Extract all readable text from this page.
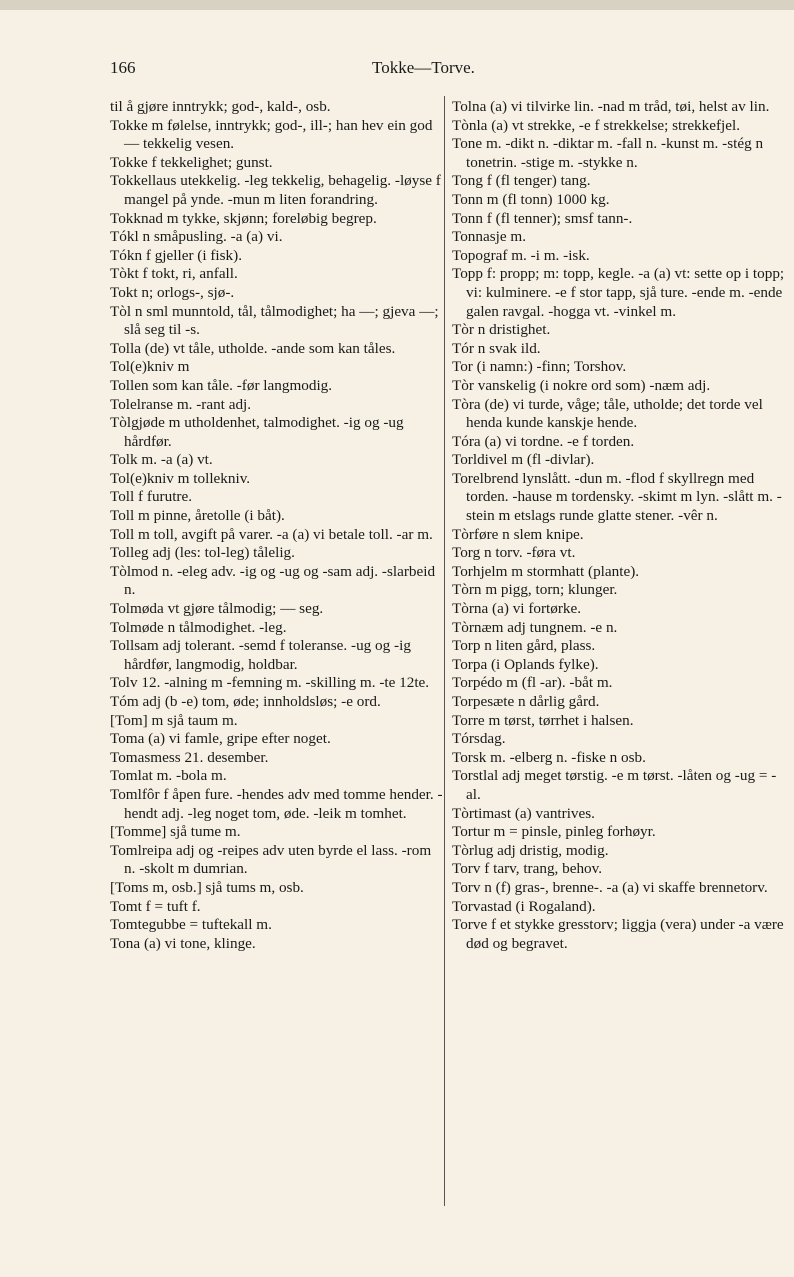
166	Tokke—Torve.

til å gjøre inntrykk; god-, kald-, osb.

Tokke m følelse, inntrykk; god-, ill-; han hev ein god — tekkelig vesen.

Tokke f tekkelighet; gunst.

Tokkellaus utekkelig. -leg tekkelig, behagelig. -løyse f mangel på ynde. -mun m liten forandring.

Tokknad m tykke, skjønn; foreløbig begrep.

Tókl n småpusling. -a (a) vi.

Tókn f gjeller (i fisk).

Tòkt f tokt, ri, anfall.

Tokt n; orlogs-, sjø-.

Tòl n sml munntold, tål, tålmodighet; ha —; gjeva —; slå seg til -s.

Tolla (de) vt tåle, utholde. -ande som kan tåles.

Tol(e)kniv m

Tollen som kan tåle. -før langmodig.

Tolelranse m. -rant adj.

Tòlgjøde m utholdenhet, talmodighet. -ig og -ug hårdfør.

Tolk m. -a (a) vt.

Tol(e)kniv m tollekniv.

Toll f furutre.

Toll m pinne, åretolle (i båt).

Toll m toll, avgift på varer. -a (a) vi betale toll. -ar m.

Tolleg adj (les: tol-leg) tålelig.

Tòlmod n. -eleg adv. -ig og -ug og -sam adj. -slarbeid n.

Tolmøda vt gjøre tålmodig; — seg.

Tolmøde n tålmodighet. -leg.

Tollsam adj tolerant. -semd f toleranse. -ug og -ig hårdfør, langmodig, holdbar.

Tolv 12. -alning m -femning m. -skilling m. -te 12te.

Tóm adj (b -e) tom, øde; innholdsløs; -e ord.

[Tom] m sjå taum m.

Toma (a) vi famle, gripe efter noget.

Tomasmess 21. desember.

Tomlat m. -bola m.

Tomlfôr f åpen fure. -hendes adv med tomme hender. -hendt adj. -leg noget tom, øde. -leik m tomhet.

[Tomme] sjå tume m.

Tomlreipa adj og -reipes adv uten byrde el lass. -rom n. -skolt m dumrian.

[Toms m, osb.] sjå tums m, osb.

Tomt f = tuft f.

Tomtegubbe = tuftekall m.

Tona (a) vi tone, klinge.

Tolna (a) vi tilvirke lin. -nad m tråd, tøi, helst av lin.

Tònla (a) vt strekke, -e f strekkelse; strekkefjel.

Tone m. -dikt n. -diktar m. -fall n. -kunst m. -stég n tonetrin. -stige m. -stykke n.

Tong f (fl tenger) tang.

Tonn m (fl tonn) 1000 kg.

Tonn f (fl tenner); smsf tann-.

Tonnasje m.

Topograf m. -i m. -isk.

Topp f: propp; m: topp, kegle. -a (a) vt: sette op i topp; vi: kulminere. -e f stor tapp, sjå ture. -ende m. -ende galen ravgal. -hogga vt. -vinkel m.

Tòr n dristighet.

Tór n svak ild.

Tor (i namn:) -finn; Torshov.

Tòr vanskelig (i nokre ord som) -næm adj.

Tòra (de) vi turde, våge; tåle, utholde; det torde vel henda kunde kanskje hende.

Tóra (a) vi tordne. -e f torden.

Torldivel m (fl -divlar).

Torelbrend lynslått. -dun m. -flod f skyllregn med torden. -hause m tordensky. -skimt m lyn. -slått m. -stein m etslags runde glatte stener. -vêr n.

Tòrføre n slem knipe.

Torg n torv. -føra vt.

Torhjelm m stormhatt (plante).

Tòrn m pigg, torn; klunger.

Tòrna (a) vi fortørke.

Tòrnæm adj tungnem. -e n.

Torp n liten gård, plass.

Torpa (i Oplands fylke).

Torpédo m (fl -ar). -båt m.

Torpesæte n dårlig gård.

Torre m tørst, tørrhet i halsen.

Tórsdag.

Torsk m. -elberg n. -fiske n osb.

Torstlal adj meget tørstig. -e m tørst. -låten og -ug = -al.

Tòrtimast (a) vantrives.

Tortur m = pinsle, pinleg forhøyr.

Tòrlug adj dristig, modig.

Torv f tarv, trang, behov.

Torv n (f) gras-, brenne-. -a (a) vi skaffe brennetorv.

Torvastad (i Rogaland).

Torve f et stykke gresstorv; liggja (vera) under -a være død og begravet.
